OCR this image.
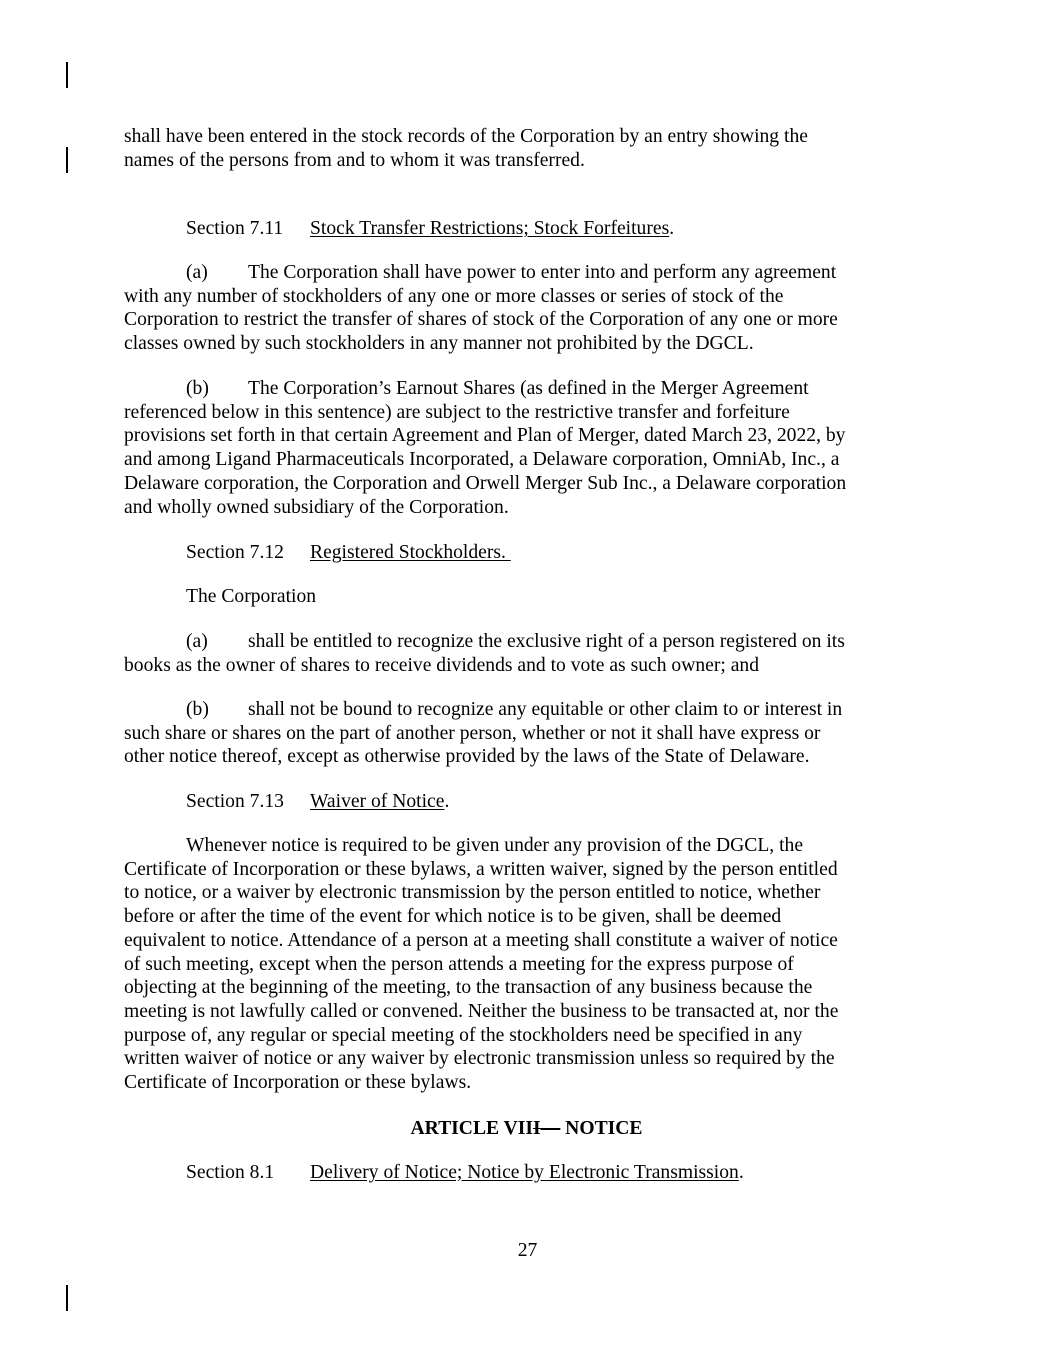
shall have been entered in the stock records of the Corporation by an entry showing the
names of the persons from and to whom it was transferred.
Section 7.11 Stock Transfer Restrictions; Stock Forfeitures.
(a) The Corporation shall have power to enter into and perform any agreement
with any number of stockholders of any one or more classes or series of stock of the
Corporation to restrict the transfer of shares of stock of the Corporation of any one or more
classes owned by such stockholders in any manner not prohibited by the DGCL.
(b) The Corporation’s Earnout Shares (as defined in the Merger Agreement
referenced below in this sentence) are subject to the restrictive transfer and forfeiture
provisions set forth in that certain Agreement and Plan of Merger, dated March 23, 2022, by
and among Ligand Pharmaceuticals Incorporated, a Delaware corporation, OmniAb, Inc., a
Delaware corporation, the Corporation and Orwell Merger Sub Inc., a Delaware corporation
and wholly owned subsidiary of the Corporation.
Section 7.12 Registered Stockholders.
The Corporation
(a) shall be entitled to recognize the exclusive right of a person registered on its
books as the owner of shares to receive dividends and to vote as such owner; and
(b) shall not be bound to recognize any equitable or other claim to or interest in
such share or shares on the part of another person, whether or not it shall have express or
other notice thereof, except as otherwise provided by the laws of the State of Delaware.
Section 7.13 Waiver of Notice.
Whenever notice is required to be given under any provision of the DGCL, the
Certificate of Incorporation or these bylaws, a written waiver, signed by the person entitled
to notice, or a waiver by electronic transmission by the person entitled to notice, whether
before or after the time of the event for which notice is to be given, shall be deemed
equivalent to notice. Attendance of a person at a meeting shall constitute a waiver of notice
of such meeting, except when the person attends a meeting for the express purpose of
objecting at the beginning of the meeting, to the transaction of any business because the
meeting is not lawfully called or convened. Neither the business to be transacted at, nor the
purpose of, any regular or special meeting of the stockholders need be specified in any
written waiver of notice or any waiver by electronic transmission unless so required by the
Certificate of Incorporation or these bylaws.
ARTICLE VIII— NOTICE
Section 8.1 Delivery of Notice; Notice by Electronic Transmission.
27
